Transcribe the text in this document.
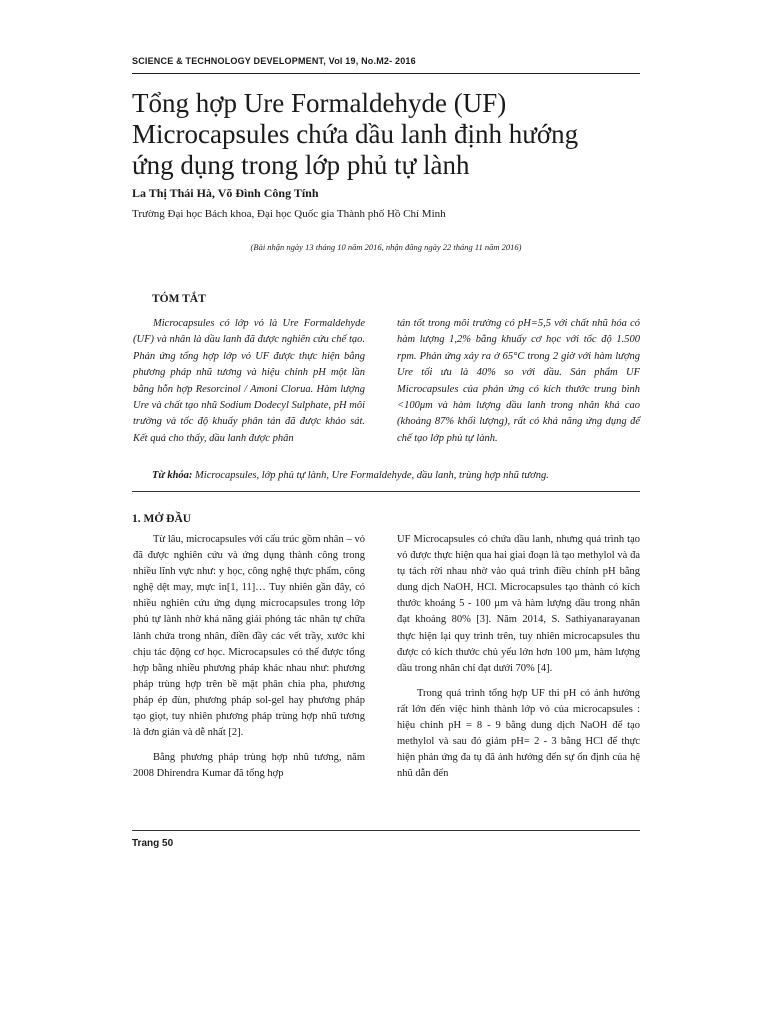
SCIENCE & TECHNOLOGY DEVELOPMENT, Vol 19, No.M2- 2016
Tổng hợp Ure Formaldehyde (UF)
Microcapsules chứa dầu lanh định hướng
ứng dụng trong lớp phủ tự lành
La Thị Thái Hà, Võ Đình Công Tính
Trường Đại học Bách khoa, Đại học Quốc gia Thành phố Hồ Chí Minh
(Bài nhận ngày 13 tháng 10 năm 2016, nhận đăng ngày 22 tháng 11 năm 2016)
TÓM TẮT

Microcapsules có lớp vỏ là Ure Formaldehyde (UF) và nhân là dầu lanh đã được nghiên cứu chế tạo. Phản ứng tổng hợp lớp vỏ UF được thực hiện bằng phương pháp nhũ tương và hiệu chỉnh pH một lần bằng hỗn hợp Resorcinol / Amoni Clorua. Hàm lượng Ure và chất tạo nhũ Sodium Dodecyl Sulphate, pH môi trường và tốc độ khuấy phân tán đã được khảo sát. Kết quả cho thấy, dầu lanh được phân

tán tốt trong môi trường có pH=5,5 với chất nhũ hóa có hàm lượng 1,2% bằng khuấy cơ học với tốc độ 1.500 rpm. Phản ứng xảy ra ở 65°C trong 2 giờ với hàm lượng Ure tối ưu là 40% so với dầu. Sản phẩm UF Microcapsules của phản ứng có kích thước trung bình <100μm và hàm lượng dầu lanh trong nhân khá cao (khoảng 87% khối lượng), rất có khả năng ứng dụng để chế tạo lớp phủ tự lành.

Từ khóa: Microcapsules, lớp phủ tự lành, Ure Formaldehyde, dầu lanh, trùng hợp nhũ tương.
1. MỞ ĐẦU

Từ lâu, microcapsules với cấu trúc gồm nhân – vỏ đã được nghiên cứu và ứng dụng thành công trong nhiều lĩnh vực như: y học, công nghệ thực phẩm, công nghệ dệt may, mực in[1, 11]… Tuy nhiên gần đây, có nhiều nghiên cứu ứng dụng microcapsules trong lớp phủ tự lành nhờ khả năng giải phóng tác nhân tự chữa lành chứa trong nhân, điền đầy các vết trầy, xước khi chịu tác động cơ học. Microcapsules có thể được tổng hợp bằng nhiều phương pháp khác nhau như: phương pháp trùng hợp trên bề mặt phân chia pha, phương pháp ép đùn, phương pháp sol-gel hay phương pháp tạo giọt, tuy nhiên phương pháp trùng hợp nhũ tương là đơn giản và dễ nhất [2].

Bằng phương pháp trùng hợp nhũ tương, năm 2008 Dhirendra Kumar đã tổng hợp

UF Microcapsules có chứa dầu lanh, nhưng quá trình tạo vỏ được thực hiện qua hai giai đoạn là tạo methylol và đa tụ tách rời nhau nhờ vào quá trình điều chỉnh pH bằng dung dịch NaOH, HCl. Microcapsules tạo thành có kích thước khoảng 5 - 100 μm và hàm lượng dầu trong nhân đạt khoảng 80% [3]. Năm 2014, S. Sathiyanarayanan thực hiện lại quy trình trên, tuy nhiên microcapsules thu được có kích thước chủ yếu lớn hơn 100 μm, hàm lượng dầu trong nhân chỉ đạt dưới 70% [4].

Trong quá trình tổng hợp UF thì pH có ảnh hưởng rất lớn đến việc hình thành lớp vỏ của microcapsules : hiệu chỉnh pH = 8 - 9 bằng dung dịch NaOH để tạo methylol và sau đó giảm pH= 2 - 3 bằng HCl để thực hiện phản ứng đa tụ đã ảnh hưởng đến sự ổn định của hệ nhũ dẫn đến

Trang 50
